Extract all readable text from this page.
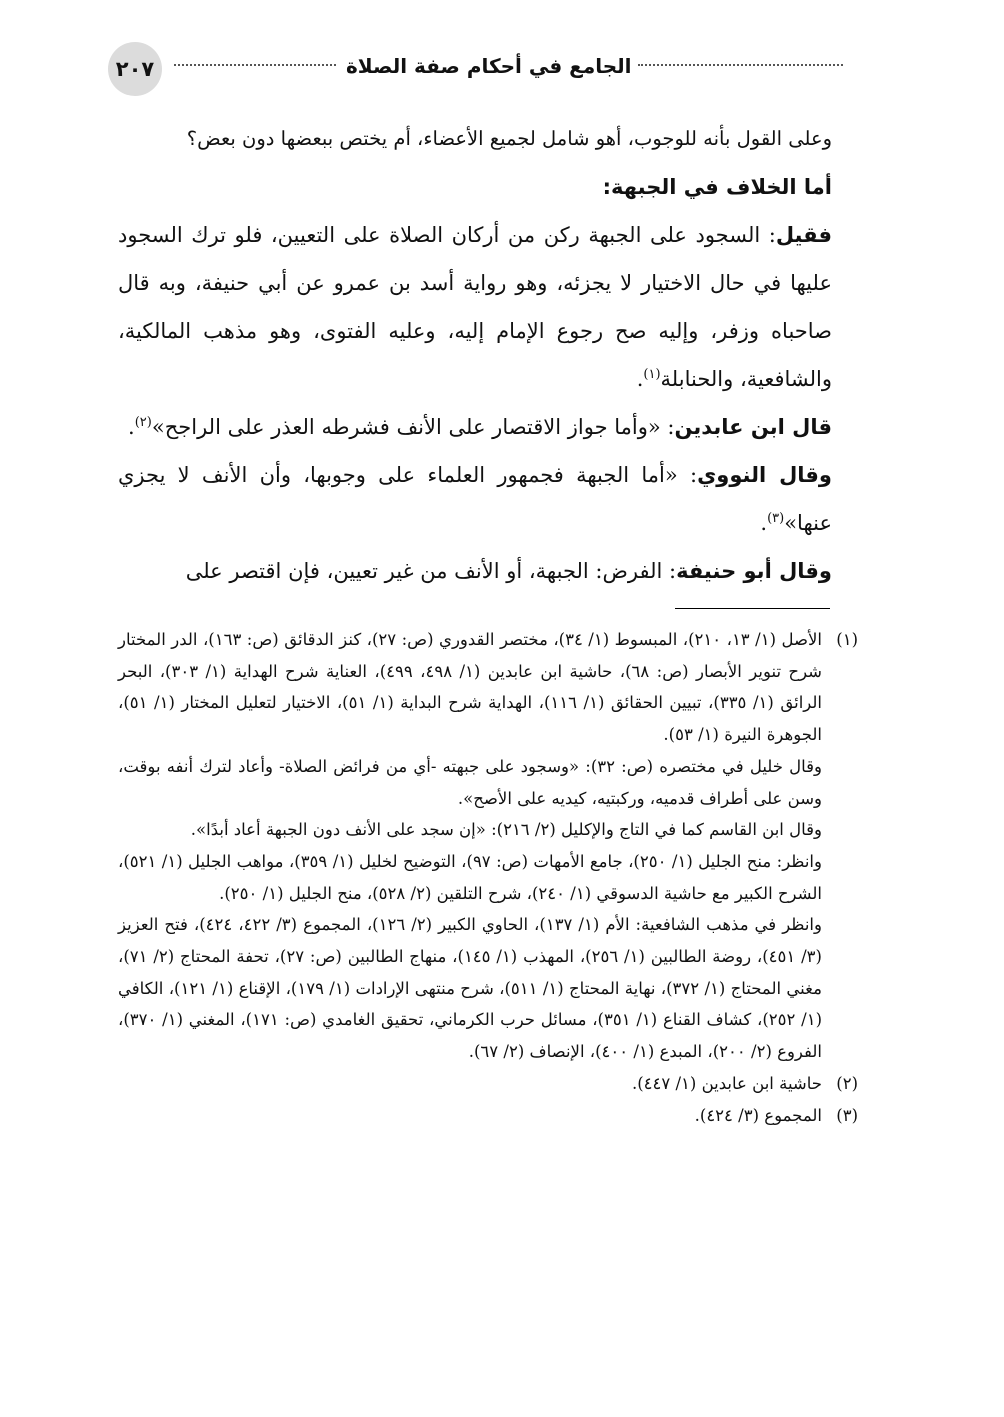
الجامع في أحكام صفة الصلاة
٢٠٧

وعلى القول بأنه للوجوب، أهو شامل لجميع الأعضاء، أم يختص ببعضها دون بعض؟

أما الخلاف في الجبهة:

فقيل: السجود على الجبهة ركن من أركان الصلاة على التعيين، فلو ترك السجود عليها في حال الاختيار لا يجزئه، وهو رواية أسد بن عمرو عن أبي حنيفة، وبه قال صاحباه وزفر، وإليه صح رجوع الإمام إليه، وعليه الفتوى، وهو مذهب المالكية، والشافعية، والحنابلة$^{(١)}$.

قال ابن عابدين: «وأما جواز الاقتصار على الأنف فشرطه العذر على الراجح»$^{(٢)}$.

وقال النووي: «أما الجبهة فجمهور العلماء على وجوبها، وأن الأنف لا يجزي عنها»$^{(٣)}$.

وقال أبو حنيفة: الفرض: الجبهة، أو الأنف من غير تعيين، فإن اقتصر على

(١)

الأصل (١/ ١٣، ٢١٠)، المبسوط (١/ ٣٤)، مختصر القدوري (ص: ٢٧)، كنز الدقائق (ص: ١٦٣)، الدر المختار شرح تنوير الأبصار (ص: ٦٨)، حاشية ابن عابدين (١/ ٤٩٨، ٤٩٩)، العناية شرح الهداية (١/ ٣٠٣)، البحر الرائق (١/ ٣٣٥)، تبيين الحقائق (١/ ١١٦)، الهداية شرح البداية (١/ ٥١)، الاختيار لتعليل المختار (١/ ٥١)، الجوهرة النيرة (١/ ٥٣).

وقال خليل في مختصره (ص: ٣٢): «وسجود على جبهته -أي من فرائض الصلاة- وأعاد لترك أنفه بوقت، وسن على أطراف قدميه، وركبتيه، كيديه على الأصح».

وقال ابن القاسم كما في التاج والإكليل (٢/ ٢١٦): «إن سجد على الأنف دون الجبهة أعاد أبدًا».

وانظر: منح الجليل (١/ ٢٥٠)، جامع الأمهات (ص: ٩٧)، التوضيح لخليل (١/ ٣٥٩)، مواهب الجليل (١/ ٥٢١)، الشرح الكبير مع حاشية الدسوقي (١/ ٢٤٠)، شرح التلقين (٢/ ٥٢٨)، منح الجليل (١/ ٢٥٠).

وانظر في مذهب الشافعية: الأم (١/ ١٣٧)، الحاوي الكبير (٢/ ١٢٦)، المجموع (٣/ ٤٢٢، ٤٢٤)، فتح العزيز (٣/ ٤٥١)، روضة الطالبين (١/ ٢٥٦)، المهذب (١/ ١٤٥)، منهاج الطالبين (ص: ٢٧)، تحفة المحتاج (٢/ ٧١)، مغني المحتاج (١/ ٣٧٢)، نهاية المحتاج (١/ ٥١١)، شرح منتهى الإرادات (١/ ١٧٩)، الإقناع (١/ ١٢١)، الكافي (١/ ٢٥٢)، كشاف القناع (١/ ٣٥١)، مسائل حرب الكرماني، تحقيق الغامدي (ص: ١٧١)، المغني (١/ ٣٧٠)، الفروع (٢/ ٢٠٠)، المبدع (١/ ٤٠٠)، الإنصاف (٢/ ٦٧).

(٢)
حاشية ابن عابدين (١/ ٤٤٧).
(٣)
المجموع (٣/ ٤٢٤).
